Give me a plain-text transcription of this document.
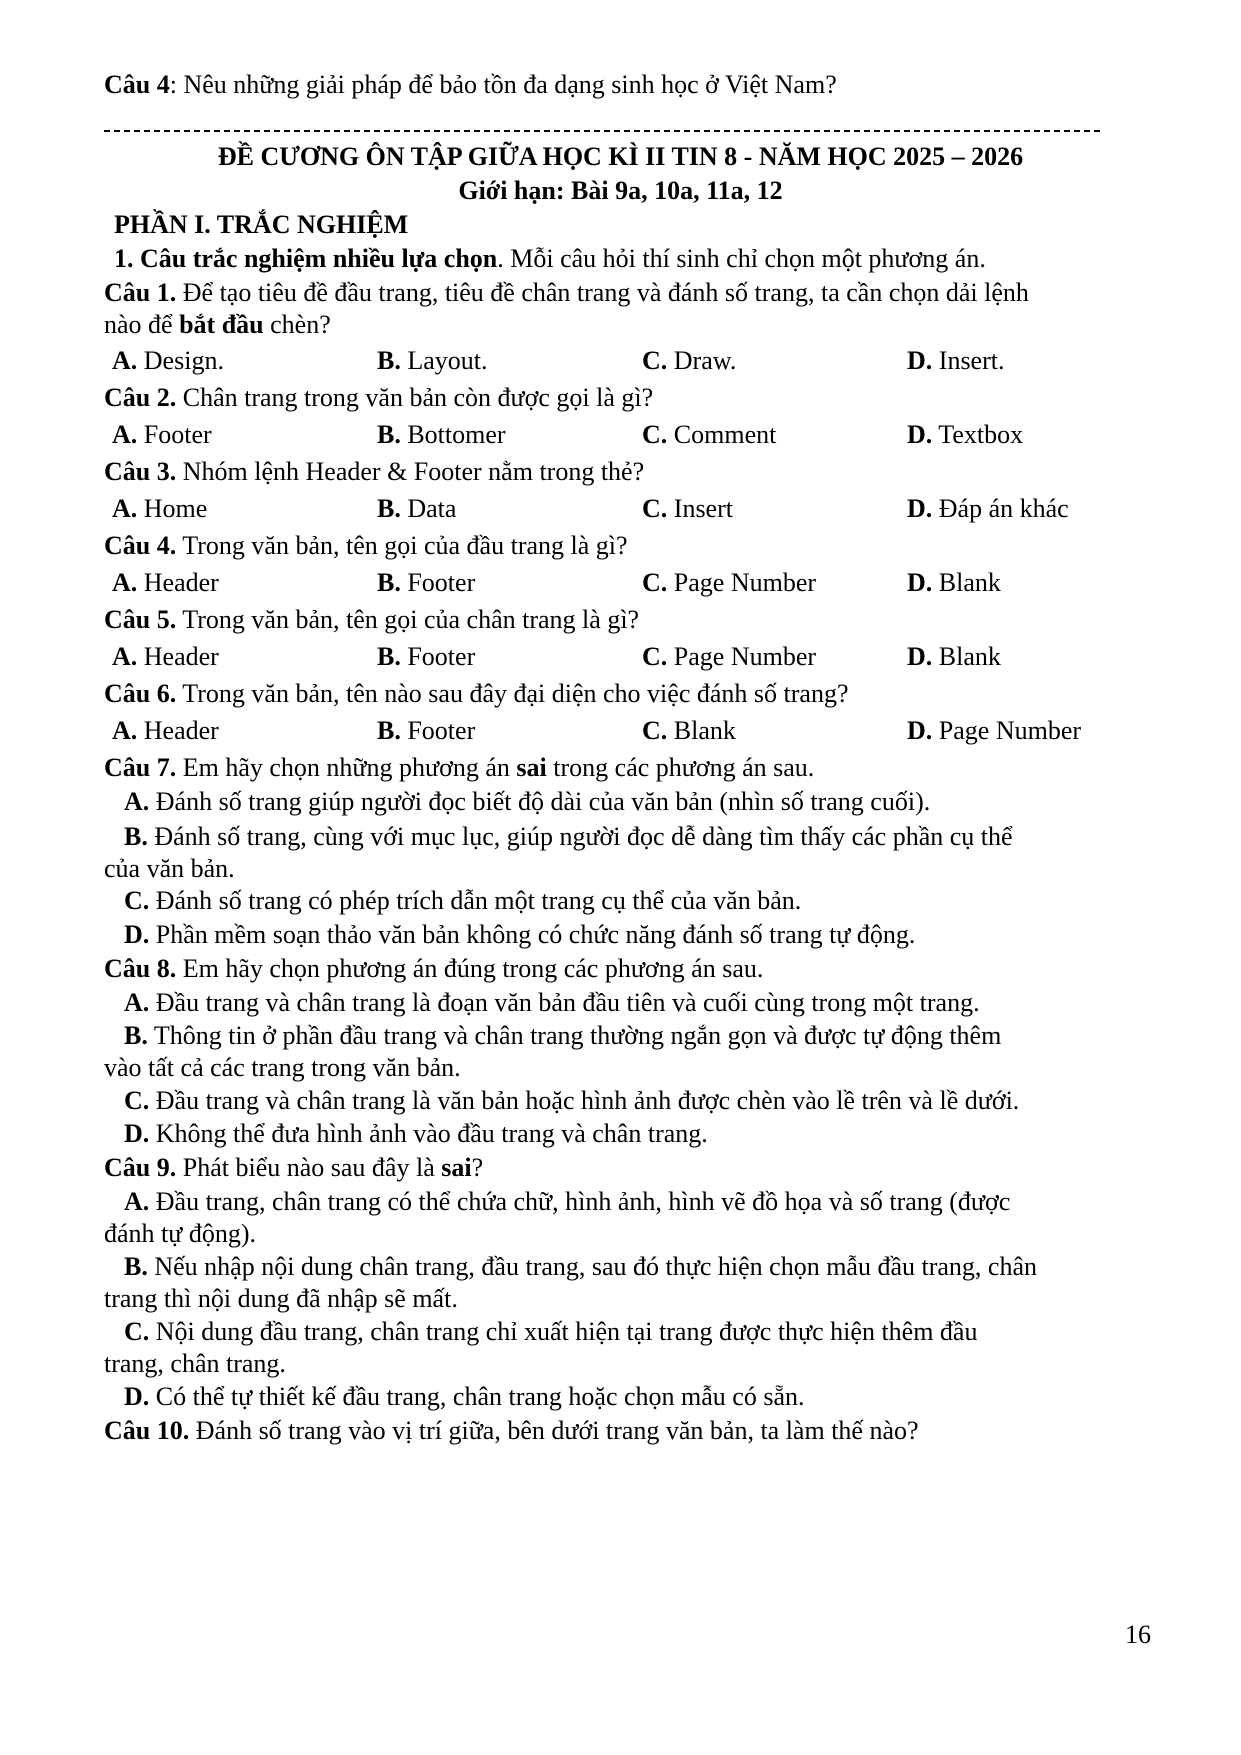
Câu 4: Nêu những giải pháp để bảo tồn đa dạng sinh học ở Việt Nam?
ĐỀ CƯƠNG ÔN TẬP GIỮA HỌC KÌ II TIN 8 - NĂM HỌC 2025 – 2026
Giới hạn: Bài 9a, 10a, 11a, 12
PHẦN I. TRẮC NGHIỆM
1. Câu trắc nghiệm nhiều lựa chọn. Mỗi câu hỏi thí sinh chỉ chọn một phương án.
Câu 1. Để tạo tiêu đề đầu trang, tiêu đề chân trang và đánh số trang, ta cần chọn dải lệnh
nào để bắt đầu chèn?
A. Design.	B. Layout.	C. Draw.	D. Insert.
Câu 2. Chân trang trong văn bản còn được gọi là gì?
A. Footer	B. Bottomer	C. Comment	D. Textbox
Câu 3. Nhóm lệnh Header & Footer nằm trong thẻ?
A. Home	B. Data	C. Insert	D. Đáp án khác
Câu 4. Trong văn bản, tên gọi của đầu trang là gì?
A. Header	B. Footer	C. Page Number	D. Blank
Câu 5. Trong văn bản, tên gọi của chân trang là gì?
A. Header	B. Footer	C. Page Number	D. Blank
Câu 6. Trong văn bản, tên nào sau đây đại diện cho việc đánh số trang?
A. Header	B. Footer	C. Blank	D. Page Number
Câu 7. Em hãy chọn những phương án sai trong các phương án sau.
A. Đánh số trang giúp người đọc biết độ dài của văn bản (nhìn số trang cuối).
B. Đánh số trang, cùng với mục lục, giúp người đọc dễ dàng tìm thấy các phần cụ thể
của văn bản.
C. Đánh số trang có phép trích dẫn một trang cụ thể của văn bản.
D. Phần mềm soạn thảo văn bản không có chức năng đánh số trang tự động.
Câu 8. Em hãy chọn phương án đúng trong các phương án sau.
A. Đầu trang và chân trang là đoạn văn bản đầu tiên và cuối cùng trong một trang.
B. Thông tin ở phần đầu trang và chân trang thường ngắn gọn và được tự động thêm
vào tất cả các trang trong văn bản.
C. Đầu trang và chân trang là văn bản hoặc hình ảnh được chèn vào lề trên và lề dưới.
D. Không thể đưa hình ảnh vào đầu trang và chân trang.
Câu 9. Phát biểu nào sau đây là sai?
A. Đầu trang, chân trang có thể chứa chữ, hình ảnh, hình vẽ đồ họa và số trang (được
đánh tự động).
B. Nếu nhập nội dung chân trang, đầu trang, sau đó thực hiện chọn mẫu đầu trang, chân
trang thì nội dung đã nhập sẽ mất.
C. Nội dung đầu trang, chân trang chỉ xuất hiện tại trang được thực hiện thêm đầu
trang, chân trang.
D. Có thể tự thiết kế đầu trang, chân trang hoặc chọn mẫu có sẵn.
Câu 10. Đánh số trang vào vị trí giữa, bên dưới trang văn bản, ta làm thế nào?
16
